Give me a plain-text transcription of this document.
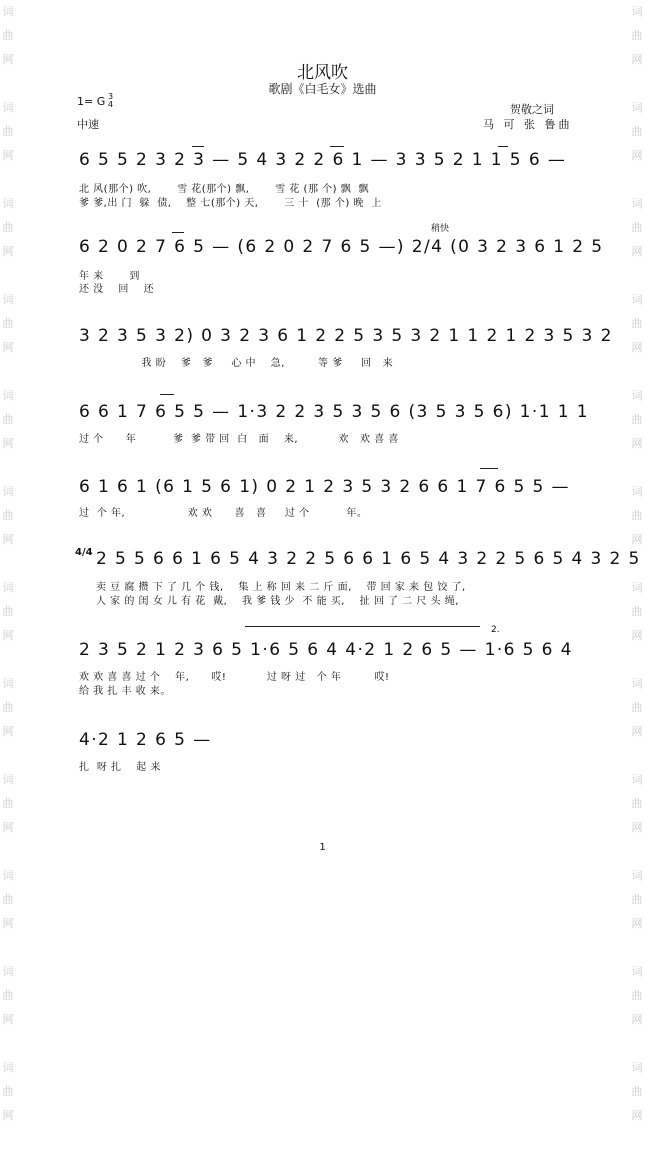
词
曲
网

词
曲
网

词
曲
网

词
曲
网

词
曲
网

词
曲
网

词
曲
网

词
曲
网

词
曲
网

词
曲
网

词
曲
网

词
曲
网

词
曲
网

词
曲
网

词
曲
网

词
曲
网

词
曲
网

词
曲
网

词
曲
网

词
曲
网

词
曲
网

词
曲
网

词
曲
网

词
曲
网

北风吹
歌剧《白毛女》选曲
1= G 3
4
中速
贺敬之词
马 可 张 鲁曲
6 5 5 2 3 2 3 — 5 4 3 2 2 6 1 — 3 3 5 2 1 1 5 6 —
北 风(那个) 吹,       雪 花(那个) 飘,       雪 花 (那 个) 飘  飘
爹 爹,出 门  躲  债,    整 七(那个) 天,       三 十  (那 个) 晚  上
稍快
6 2 0 2 7 6 5 — (6 2 0 2 7 6 5 —) 2/4 (0 3 2 3 6 1 2 5
年 来       到
还 没    回    还
3 2 3 5 3 2) 0 3 2 3 6 1 2 2 5 3 5 3 2 1 1 2 1 2 3 5 3 2
我 盼    爹   爹     心 中    急,         等 爹     回   来
6 6 1 7 6 5 5 — 1·3 2 2 3 5 3 5 6 (3 5 3 5 6) 1·1 1 1
过 个      年          爹  爹 带 回  白   面    来,           欢   欢 喜 喜
6 1 6 1 (6 1 5 6 1) 0 2 1 2 3 5 3 2 6 6 1 7 6 5 5 —
过  个 年,                 欢 欢      喜   喜     过 个          年。
4/4 2 5 5 6 6 1 6 5 4 3 2 2 5 6 6 1 6 5 4 3 2 2 5 6 5 4 3 2 5
卖 豆 腐 攒 下 了 几 个 钱,    集 上 称 回 来 二 斤 面,    带 回 家 来 包 饺 了,
人 家 的 闺 女 儿 有 花  戴,    我 爹 钱 少  不 能 买,    扯 回 了 二 尺 头 绳,
2.
2 3 5 2 1 2 3 6 5 1·6 5 6 4 4·2 1 2 6 5 — 1·6 5 6 4
欢 欢 喜 喜 过 个    年,      哎!           过 呀 过   个 年         哎!
给 我 扎 丰 收 来。
4·2 1 2 6 5 —
扎  呀 扎    起 来
1
